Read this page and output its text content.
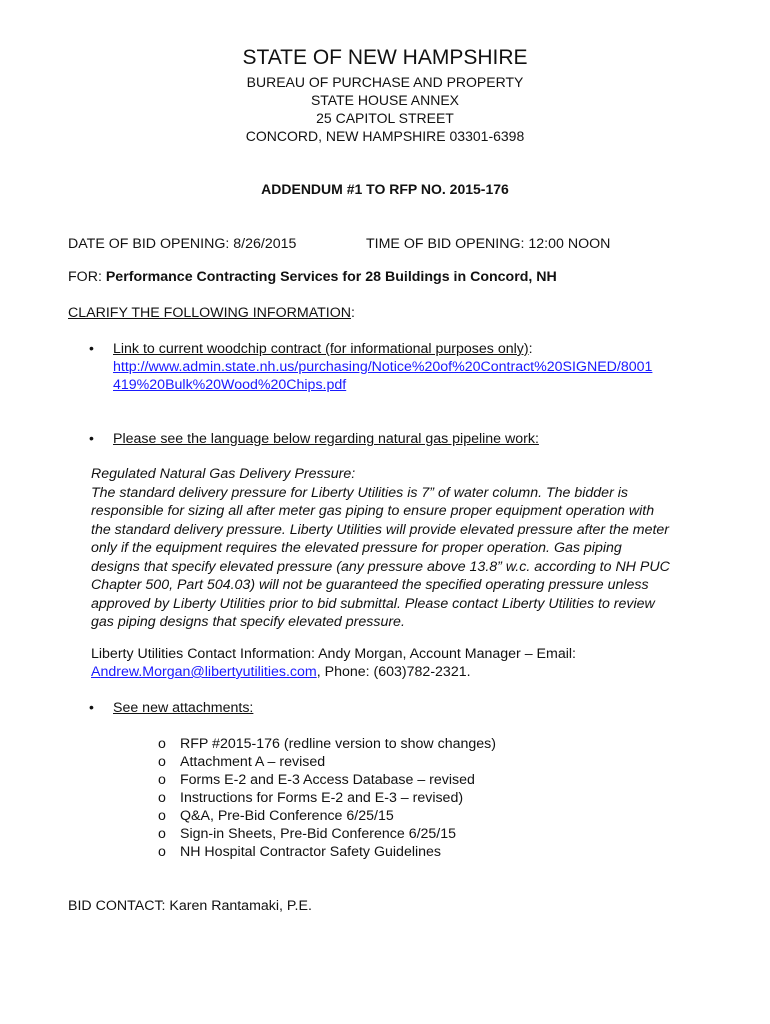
STATE OF NEW HAMPSHIRE
BUREAU OF PURCHASE AND PROPERTY
STATE HOUSE ANNEX
25 CAPITOL STREET
CONCORD, NEW HAMPSHIRE 03301-6398
ADDENDUM #1 TO RFP NO. 2015-176
DATE OF BID OPENING: 8/26/2015	TIME OF BID OPENING: 12:00 NOON
FOR: Performance Contracting Services for 28 Buildings in Concord, NH
CLARIFY THE FOLLOWING INFORMATION:
• Link to current woodchip contract (for informational purposes only):
http://www.admin.state.nh.us/purchasing/Notice%20of%20Contract%20SIGNED/8001
419%20Bulk%20Wood%20Chips.pdf
• Please see the language below regarding natural gas pipeline work:
Regulated Natural Gas Delivery Pressure:
The standard delivery pressure for Liberty Utilities is 7” of water column. The bidder is
responsible for sizing all after meter gas piping to ensure proper equipment operation with
the standard delivery pressure. Liberty Utilities will provide elevated pressure after the meter
only if the equipment requires the elevated pressure for proper operation. Gas piping
designs that specify elevated pressure (any pressure above 13.8” w.c. according to NH PUC
Chapter 500, Part 504.03) will not be guaranteed the specified operating pressure unless
approved by Liberty Utilities prior to bid submittal. Please contact Liberty Utilities to review
gas piping designs that specify elevated pressure.
Liberty Utilities Contact Information: Andy Morgan, Account Manager – Email:
Andrew.Morgan@libertyutilities.com, Phone: (603)782-2321.
• See new attachments:
o RFP #2015-176 (redline version to show changes)
o Attachment A – revised
o Forms E-2 and E-3 Access Database – revised
o Instructions for Forms E-2 and E-3 – revised)
o Q&A, Pre-Bid Conference 6/25/15
o Sign-in Sheets, Pre-Bid Conference 6/25/15
o NH Hospital Contractor Safety Guidelines
BID CONTACT: Karen Rantamaki, P.E.
